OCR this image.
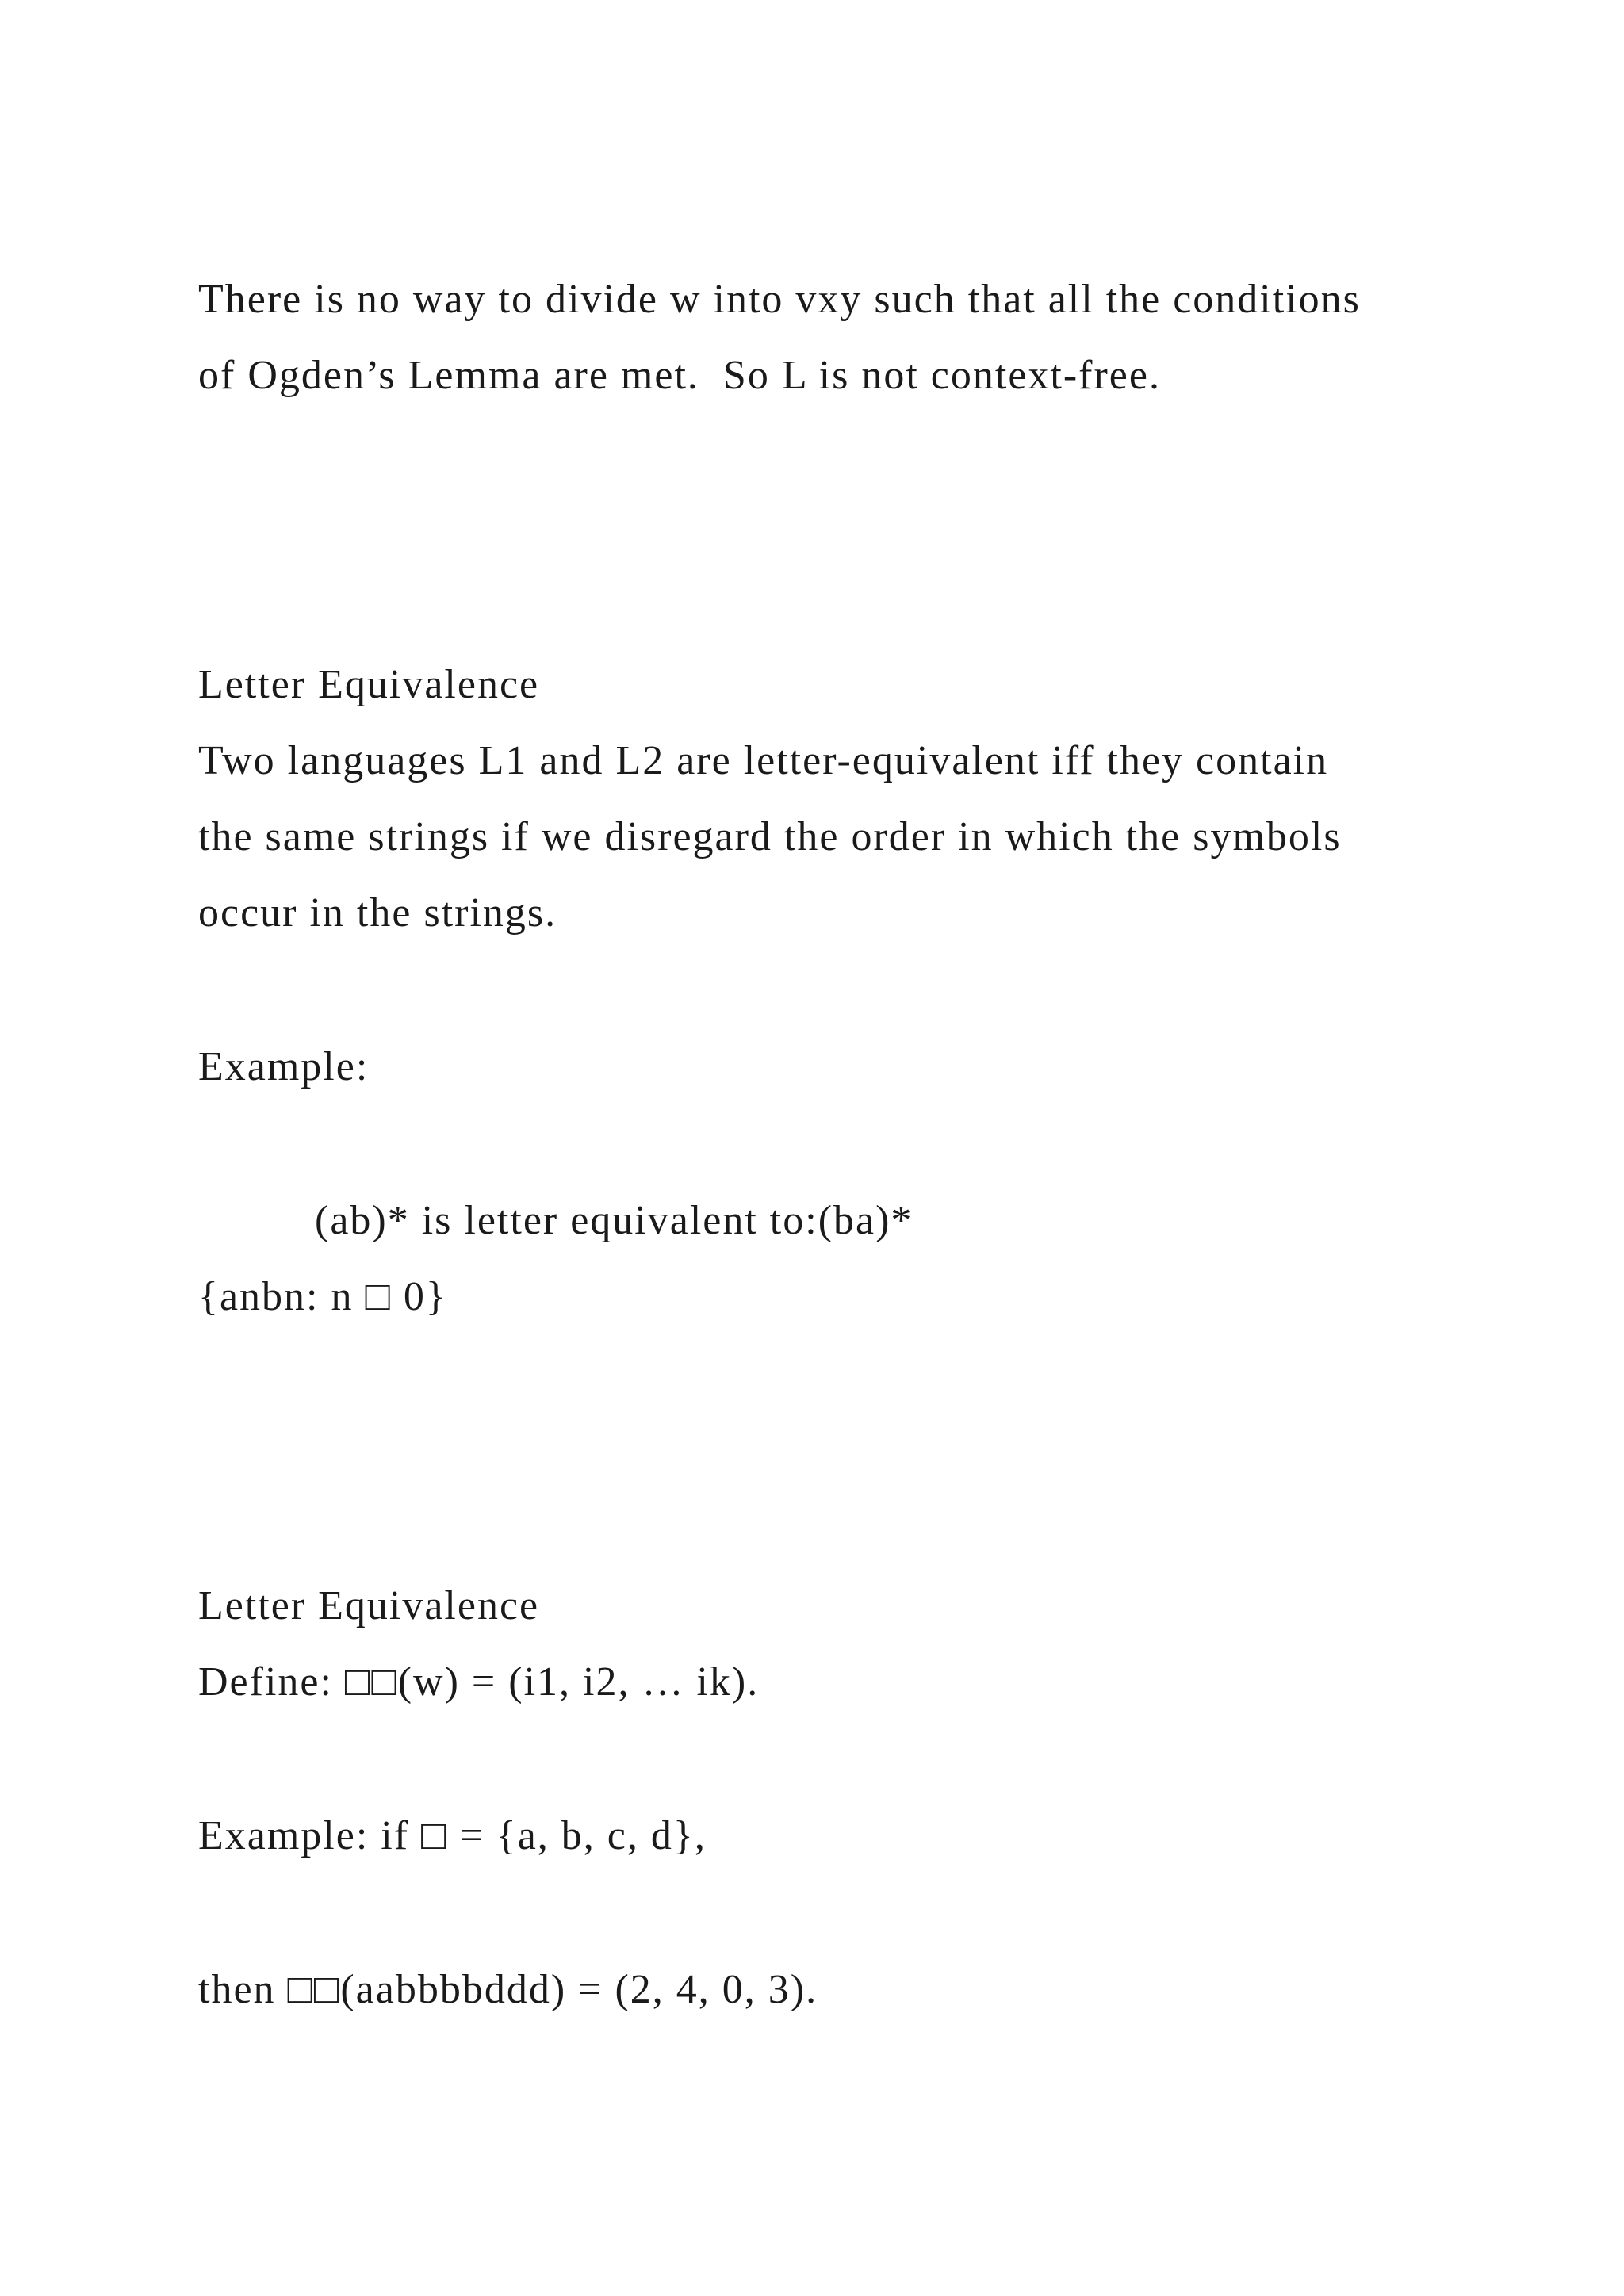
There is no way to divide w into vxy such that all the conditions
of Ogden’s Lemma are met.  So L is not context-free.
Letter Equivalence
Two languages L1 and L2 are letter-equivalent iff they contain
the same strings if we disregard the order in which the symbols
occur in the strings.
Example:
(ab)* is letter equivalent to:(ba)*
{anbn: n □ 0}
Letter Equivalence
Define: □□(w) = (i1, i2, … ik).
Example: if □ = {a, b, c, d},
then □□(aabbbbddd) = (2, 4, 0, 3).
